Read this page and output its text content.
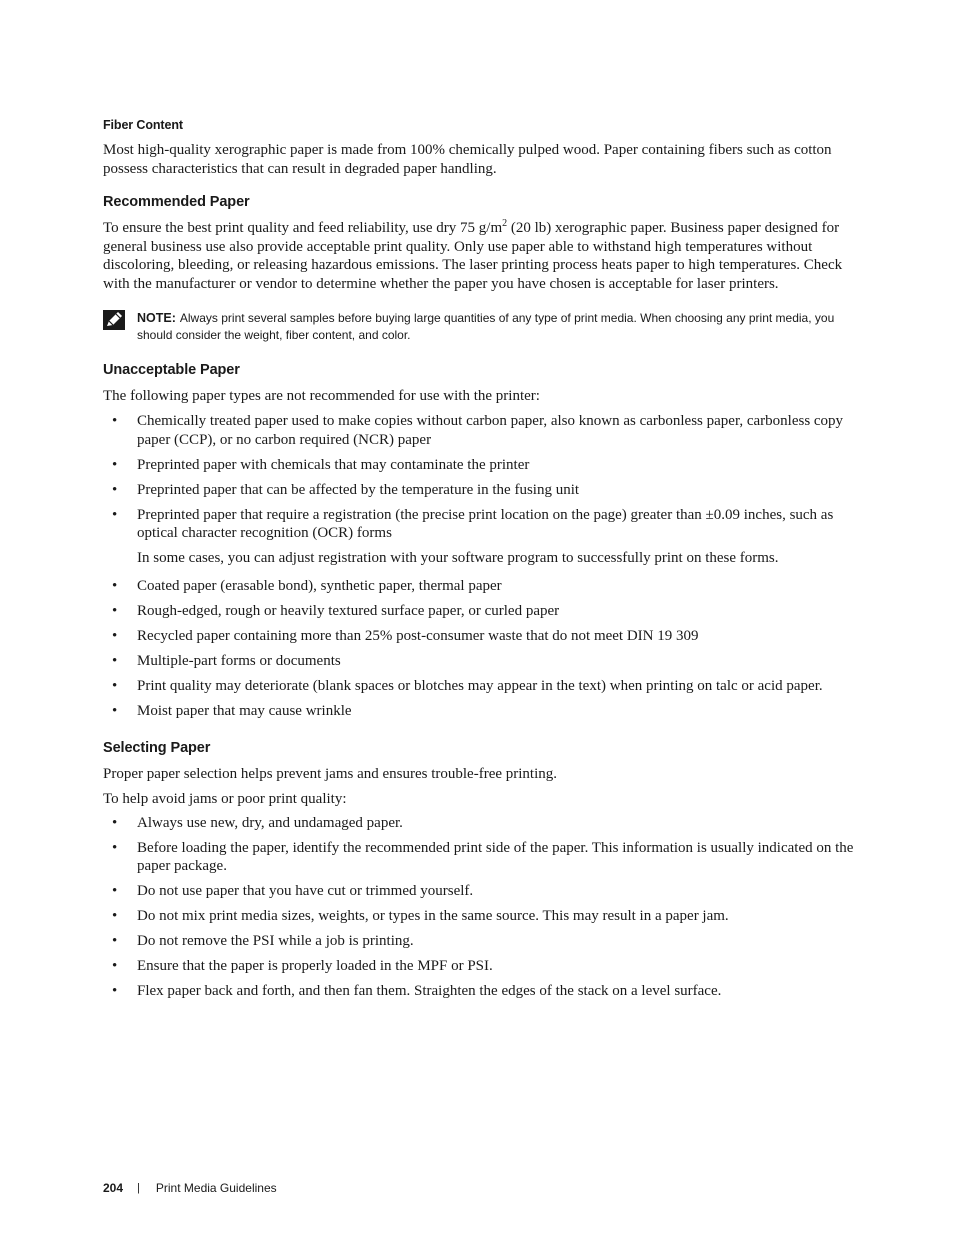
Fiber Content

Most high-quality xerographic paper is made from 100% chemically pulped wood. Paper containing fibers such as cotton possess characteristics that can result in degraded paper handling.

Recommended Paper

To ensure the best print quality and feed reliability, use dry 75 $g/m^2$ (20 lb) xerographic paper. Business paper designed for general business use also provide acceptable print quality. Only use paper able to withstand high temperatures without discoloring, bleeding, or releasing hazardous emissions. The laser printing process heats paper to high temperatures. Check with the manufacturer or vendor to determine whether the paper you have chosen is acceptable for laser printers.

NOTE: Always print several samples before buying large quantities of any type of print media. When choosing any print media, you should consider the weight, fiber content, and color.
Unacceptable Paper

The following paper types are not recommended for use with the printer:

• Chemically treated paper used to make copies without carbon paper, also known as carbonless paper, carbonless copy paper (CCP), or no carbon required (NCR) paper
• Preprinted paper with chemicals that may contaminate the printer
• Preprinted paper that can be affected by the temperature in the fusing unit
• Preprinted paper that require a registration (the precise print location on the page) greater than ±0.09 inches, such as optical character recognition (OCR) forms
In some cases, you can adjust registration with your software program to successfully print on these forms.
• Coated paper (erasable bond), synthetic paper, thermal paper
• Rough-edged, rough or heavily textured surface paper, or curled paper
• Recycled paper containing more than 25% post-consumer waste that do not meet DIN 19 309
• Multiple-part forms or documents
• Print quality may deteriorate (blank spaces or blotches may appear in the text) when printing on talc or acid paper.
• Moist paper that may cause wrinkle
Selecting Paper

Proper paper selection helps prevent jams and ensures trouble-free printing.

To help avoid jams or poor print quality:

• Always use new, dry, and undamaged paper.
• Before loading the paper, identify the recommended print side of the paper. This information is usually indicated on the paper package.
• Do not use paper that you have cut or trimmed yourself.
• Do not mix print media sizes, weights, or types in the same source. This may result in a paper jam.
• Do not remove the PSI while a job is printing.
• Ensure that the paper is properly loaded in the MPF or PSI.
• Flex paper back and forth, and then fan them. Straighten the edges of the stack on a level surface.
204 | Print Media Guidelines
